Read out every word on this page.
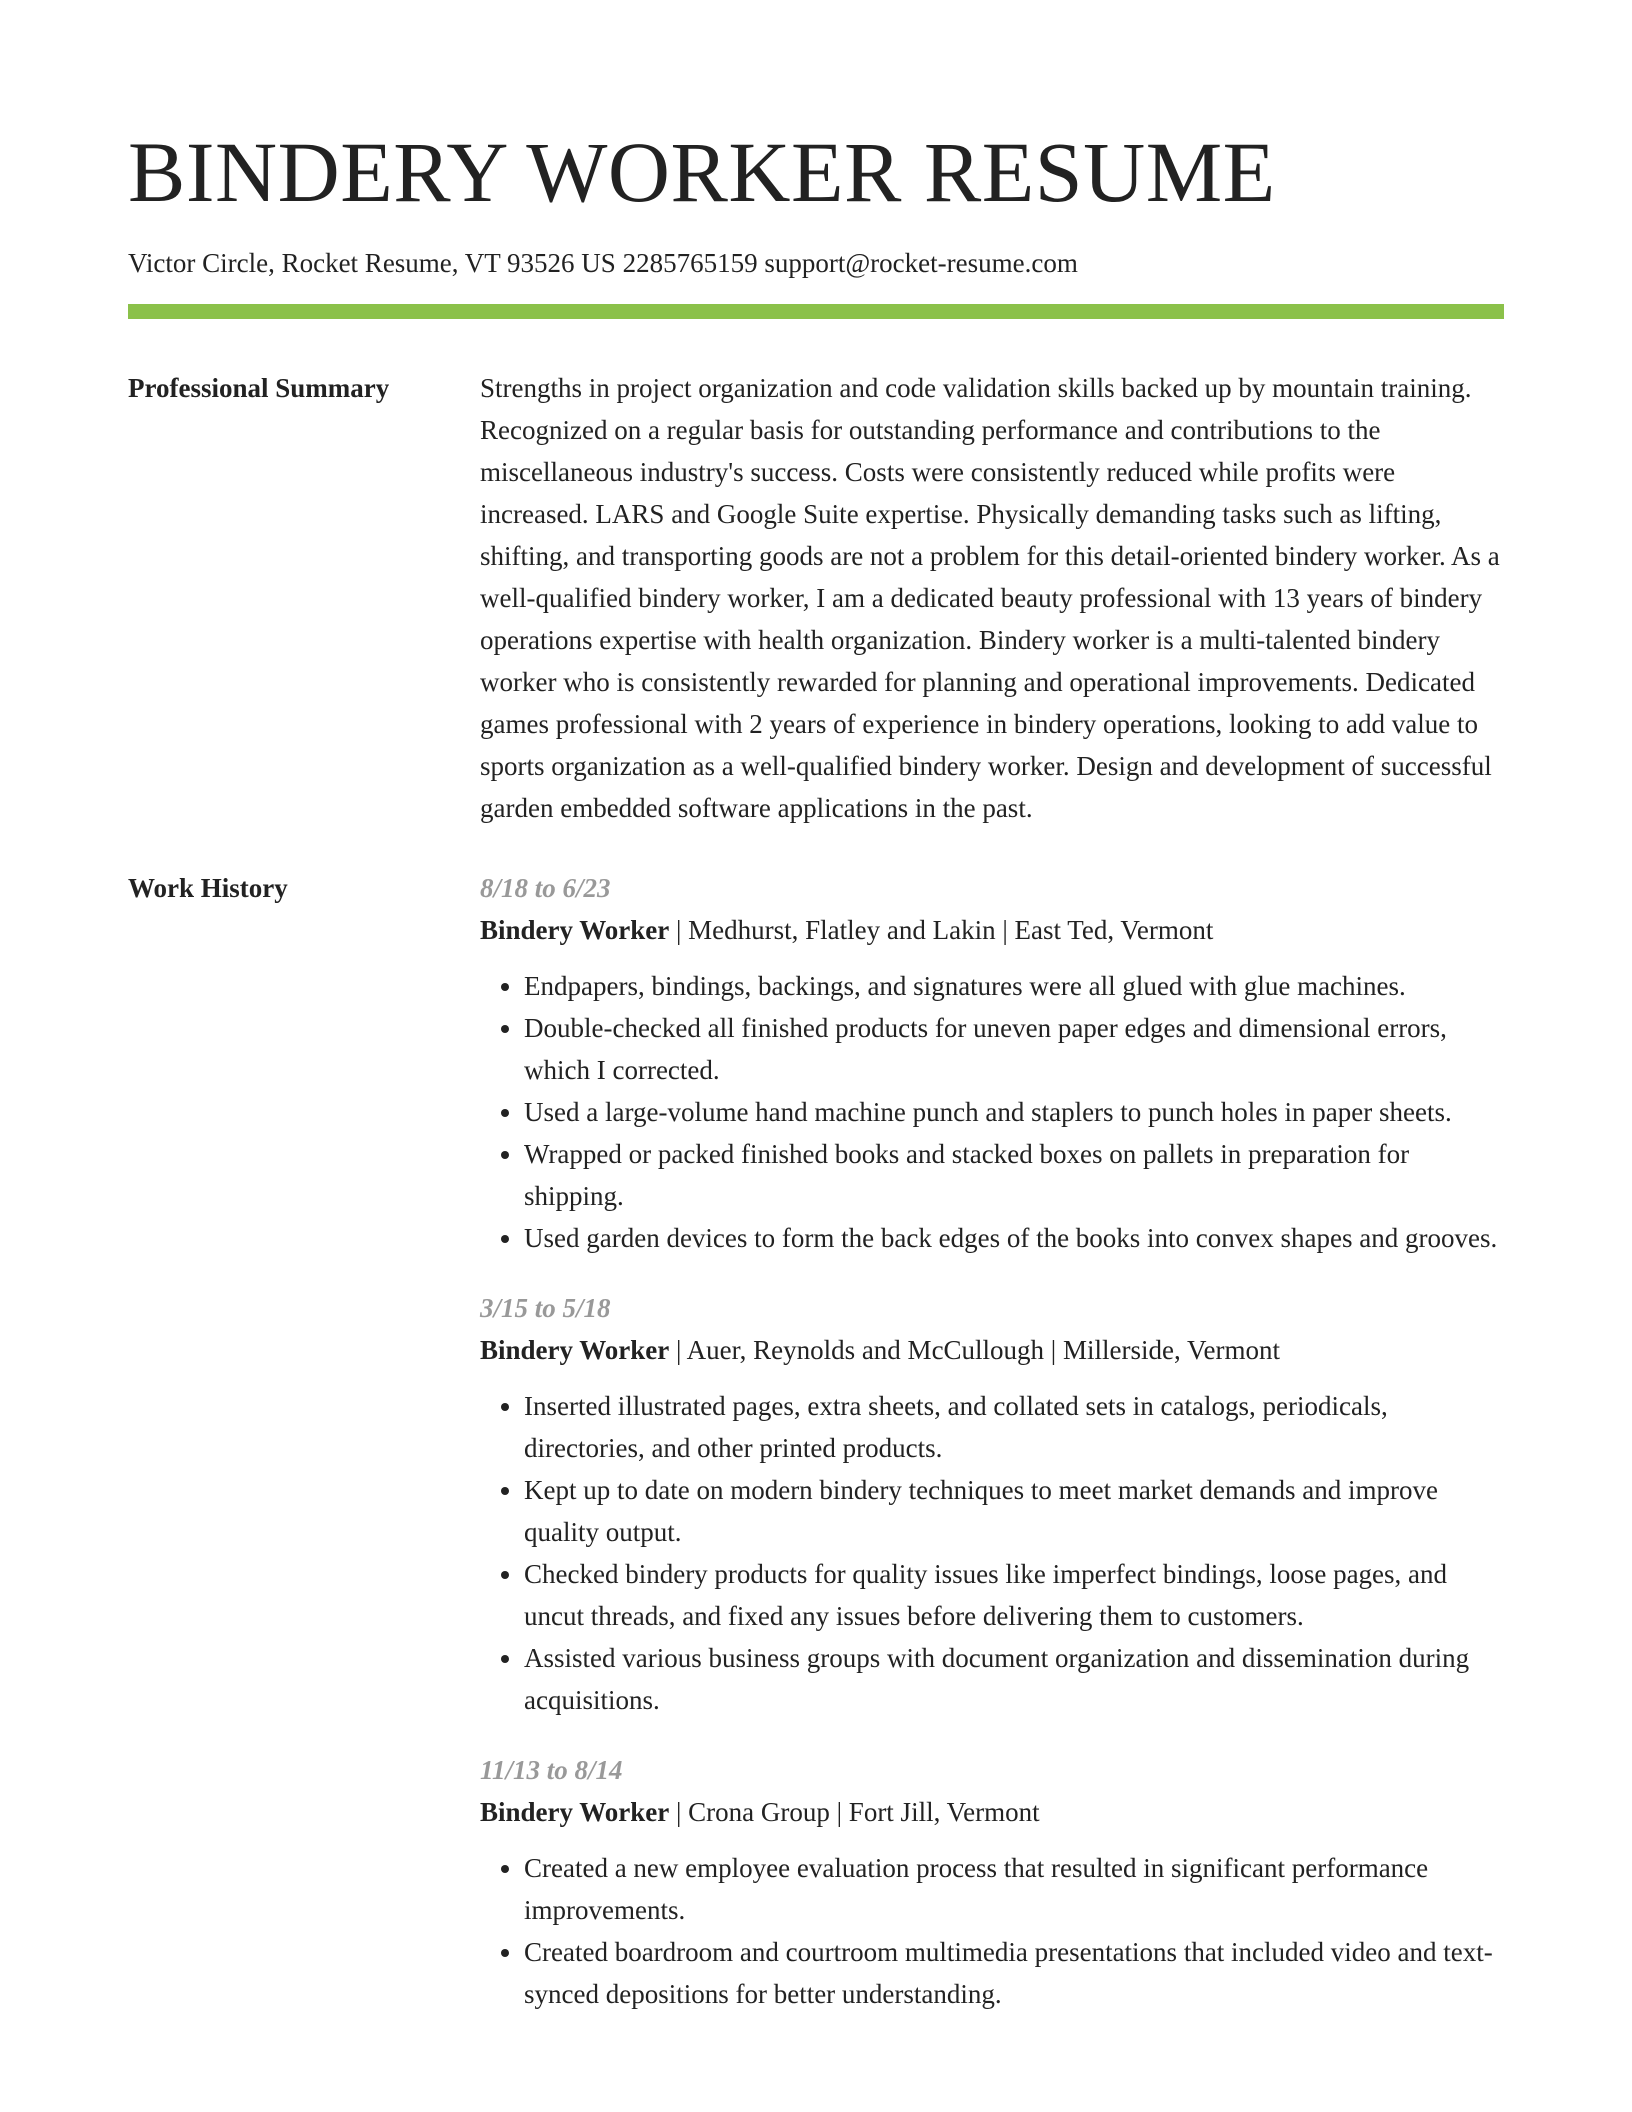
BINDERY WORKER RESUME
Victor Circle, Rocket Resume, VT 93526 US 2285765159 support@rocket-resume.com
Professional Summary	Strengths in project organization and code validation skills backed up by mountain training. Recognized on a regular basis for outstanding performance and contributions to the miscellaneous industry's success. Costs were consistently reduced while profits were increased. LARS and Google Suite expertise. Physically demanding tasks such as lifting, shifting, and transporting goods are not a problem for this detail-oriented bindery worker. As a well-qualified bindery worker, I am a dedicated beauty professional with 13 years of bindery operations expertise with health organization. Bindery worker is a multi-talented bindery worker who is consistently rewarded for planning and operational improvements. Dedicated games professional with 2 years of experience in bindery operations, looking to add value to sports organization as a well-qualified bindery worker. Design and development of successful garden embedded software applications in the past.

Work History	8/18 to 6/23
Bindery Worker | Medhurst, Flatley and Lakin | East Ted, Vermont
• Endpapers, bindings, backings, and signatures were all glued with glue machines.
• Double-checked all finished products for uneven paper edges and dimensional errors, which I corrected.
• Used a large-volume hand machine punch and staplers to punch holes in paper sheets.
• Wrapped or packed finished books and stacked boxes on pallets in preparation for shipping.
• Used garden devices to form the back edges of the books into convex shapes and grooves.
3/15 to 5/18
Bindery Worker | Auer, Reynolds and McCullough | Millerside, Vermont
• Inserted illustrated pages, extra sheets, and collated sets in catalogs, periodicals, directories, and other printed products.
• Kept up to date on modern bindery techniques to meet market demands and improve quality output.
• Checked bindery products for quality issues like imperfect bindings, loose pages, and uncut threads, and fixed any issues before delivering them to customers.
• Assisted various business groups with document organization and dissemination during acquisitions.
11/13 to 8/14
Bindery Worker | Crona Group | Fort Jill, Vermont
• Created a new employee evaluation process that resulted in significant performance improvements.
• Created boardroom and courtroom multimedia presentations that included video and text-synced depositions for better understanding.
